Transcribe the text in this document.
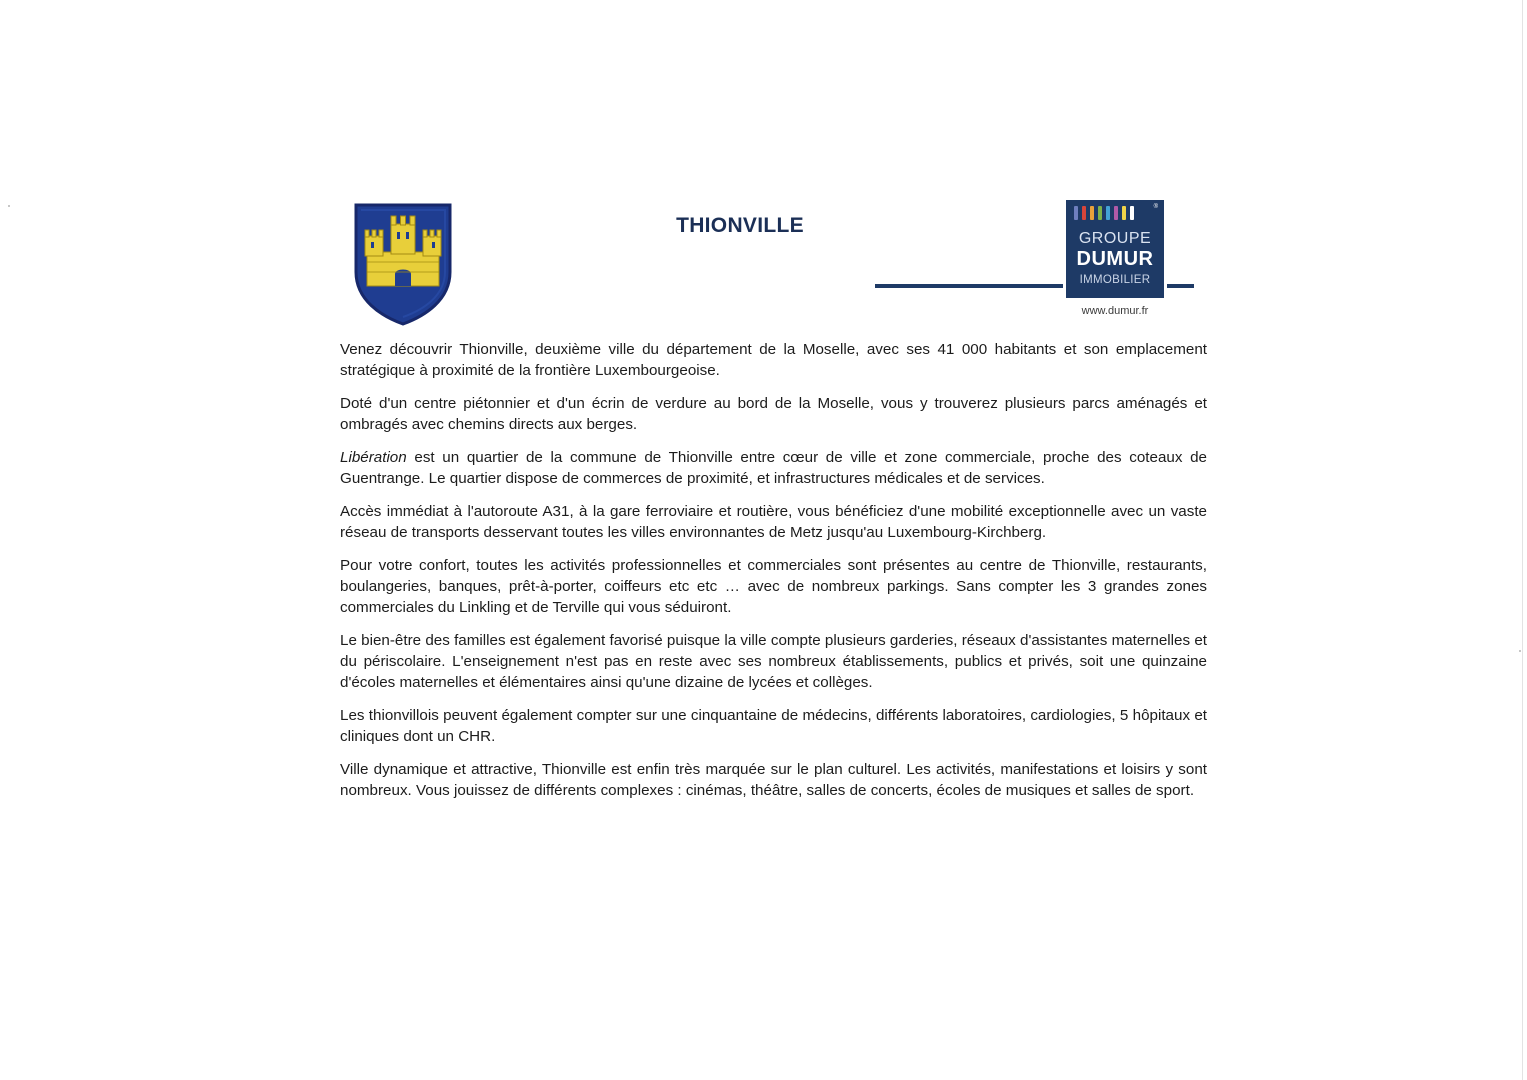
THIONVILLE
®
GROUPE
DUMUR
IMMOBILIER
www.dumur.fr

Venez découvrir Thionville, deuxième ville du département de la Moselle, avec ses 41 000 habitants et son emplacement stratégique à proximité de la frontière Luxembourgeoise.

Doté d'un centre piétonnier et d'un écrin de verdure au bord de la Moselle, vous y trouverez plusieurs parcs aménagés et ombragés avec chemins directs aux berges.

Libération est un quartier de la commune de Thionville entre cœur de ville et zone commerciale, proche des coteaux de Guentrange. Le quartier dispose de commerces de proximité, et infrastructures médicales et de services.

Accès immédiat à l'autoroute A31, à la gare ferroviaire et routière, vous bénéficiez d'une mobilité exceptionnelle avec un vaste réseau de transports desservant toutes les villes environnantes de Metz jusqu'au Luxembourg-Kirchberg.

Pour votre confort, toutes les activités professionnelles et commerciales sont présentes au centre de Thionville, restaurants, boulangeries, banques, prêt-à-porter, coiffeurs etc etc … avec de nombreux parkings. Sans compter les 3 grandes zones commerciales du Linkling et de Terville qui vous séduiront.

Le bien-être des familles est également favorisé puisque la ville compte plusieurs garderies, réseaux d'assistantes maternelles et du périscolaire. L'enseignement n'est pas en reste avec ses nombreux établissements, publics et privés, soit une quinzaine d'écoles maternelles et élémentaires ainsi qu'une dizaine de lycées et collèges.

Les thionvillois peuvent également compter sur une cinquantaine de médecins, différents laboratoires, cardiologies, 5 hôpitaux et cliniques dont un CHR.

Ville dynamique et attractive, Thionville est enfin très marquée sur le plan culturel. Les activités, manifestations et loisirs y sont nombreux. Vous jouissez de différents complexes : cinémas, théâtre, salles de concerts, écoles de musiques et salles de sport.
